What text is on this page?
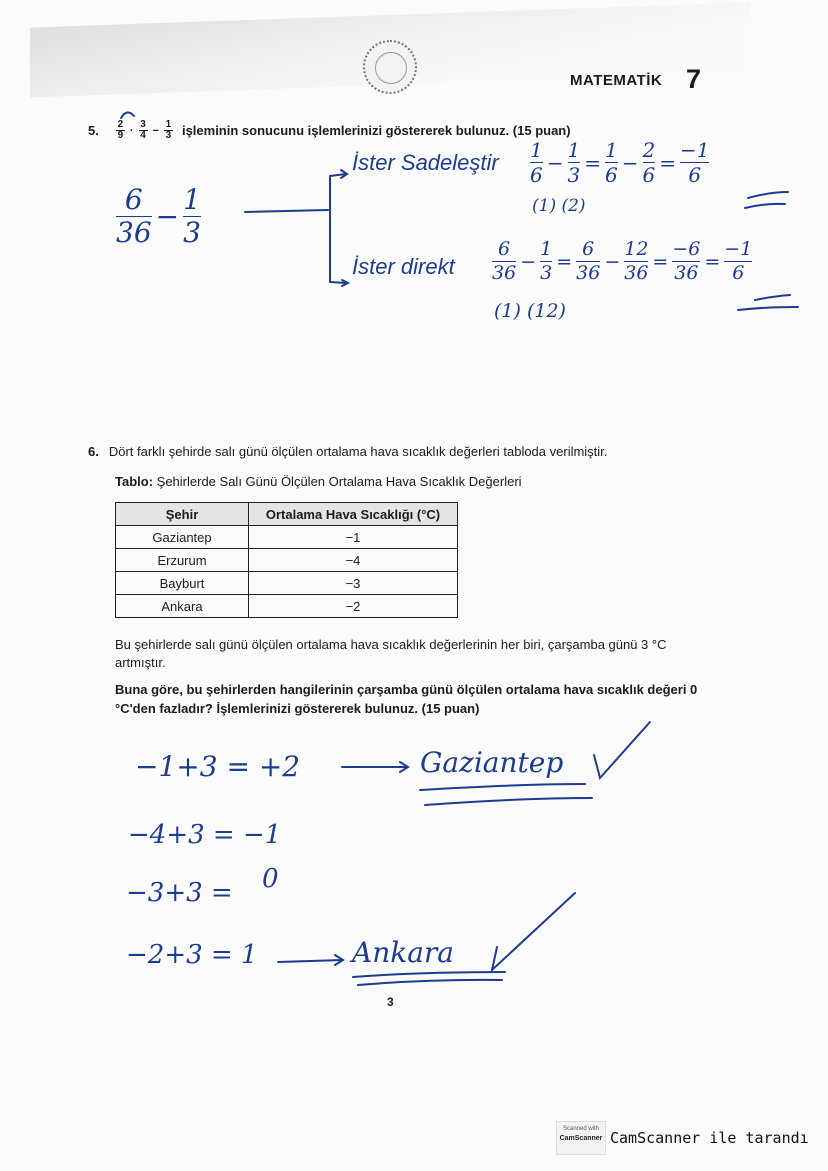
MATEMATİK 7
5. 2
9 · 3
4 − 1
3 işleminin sonucunu işlemlerinizi göstererek bulunuz. (15 puan)
$\frac{6}{36} - \frac{1}{3}$
İster Sadeleştir $\frac{1}{6} - \frac{1}{3} = \frac{1}{6} - \frac{2}{6} = \frac{-1}{6}$
(1) (2)
İster direkt $\frac{6}{36} - \frac{1}{3} = \frac{6}{36} - \frac{12}{36} = \frac{-6}{36} = \frac{-1}{6}$
(1) (12)
6. Dört farklı şehirde salı günü ölçülen ortalama hava sıcaklık değerleri tabloda verilmiştir.
Tablo: Şehirlerde Salı Günü Ölçülen Ortalama Hava Sıcaklık Değerleri
Şehir	Ortalama Hava Sıcaklığı (°C)
Gaziantep	−1
Erzurum	−4
Bayburt	−3
Ankara	−2
Bu şehirlerde salı günü ölçülen ortalama hava sıcaklık değerlerinin her biri, çarşamba günü 3 °C artmıştır.
Buna göre, bu şehirlerden hangilerinin çarşamba günü ölçülen ortalama hava sıcaklık değeri 0 °C'den fazladır? İşlemlerinizi göstererek bulunuz. (15 puan)
−1+3 = +2	Gaziantep
−4+3 = −1
−3+3 = 0
−2+3 = 1	Ankara
3
Scanned with
CamScanner CamScanner ile tarandı
